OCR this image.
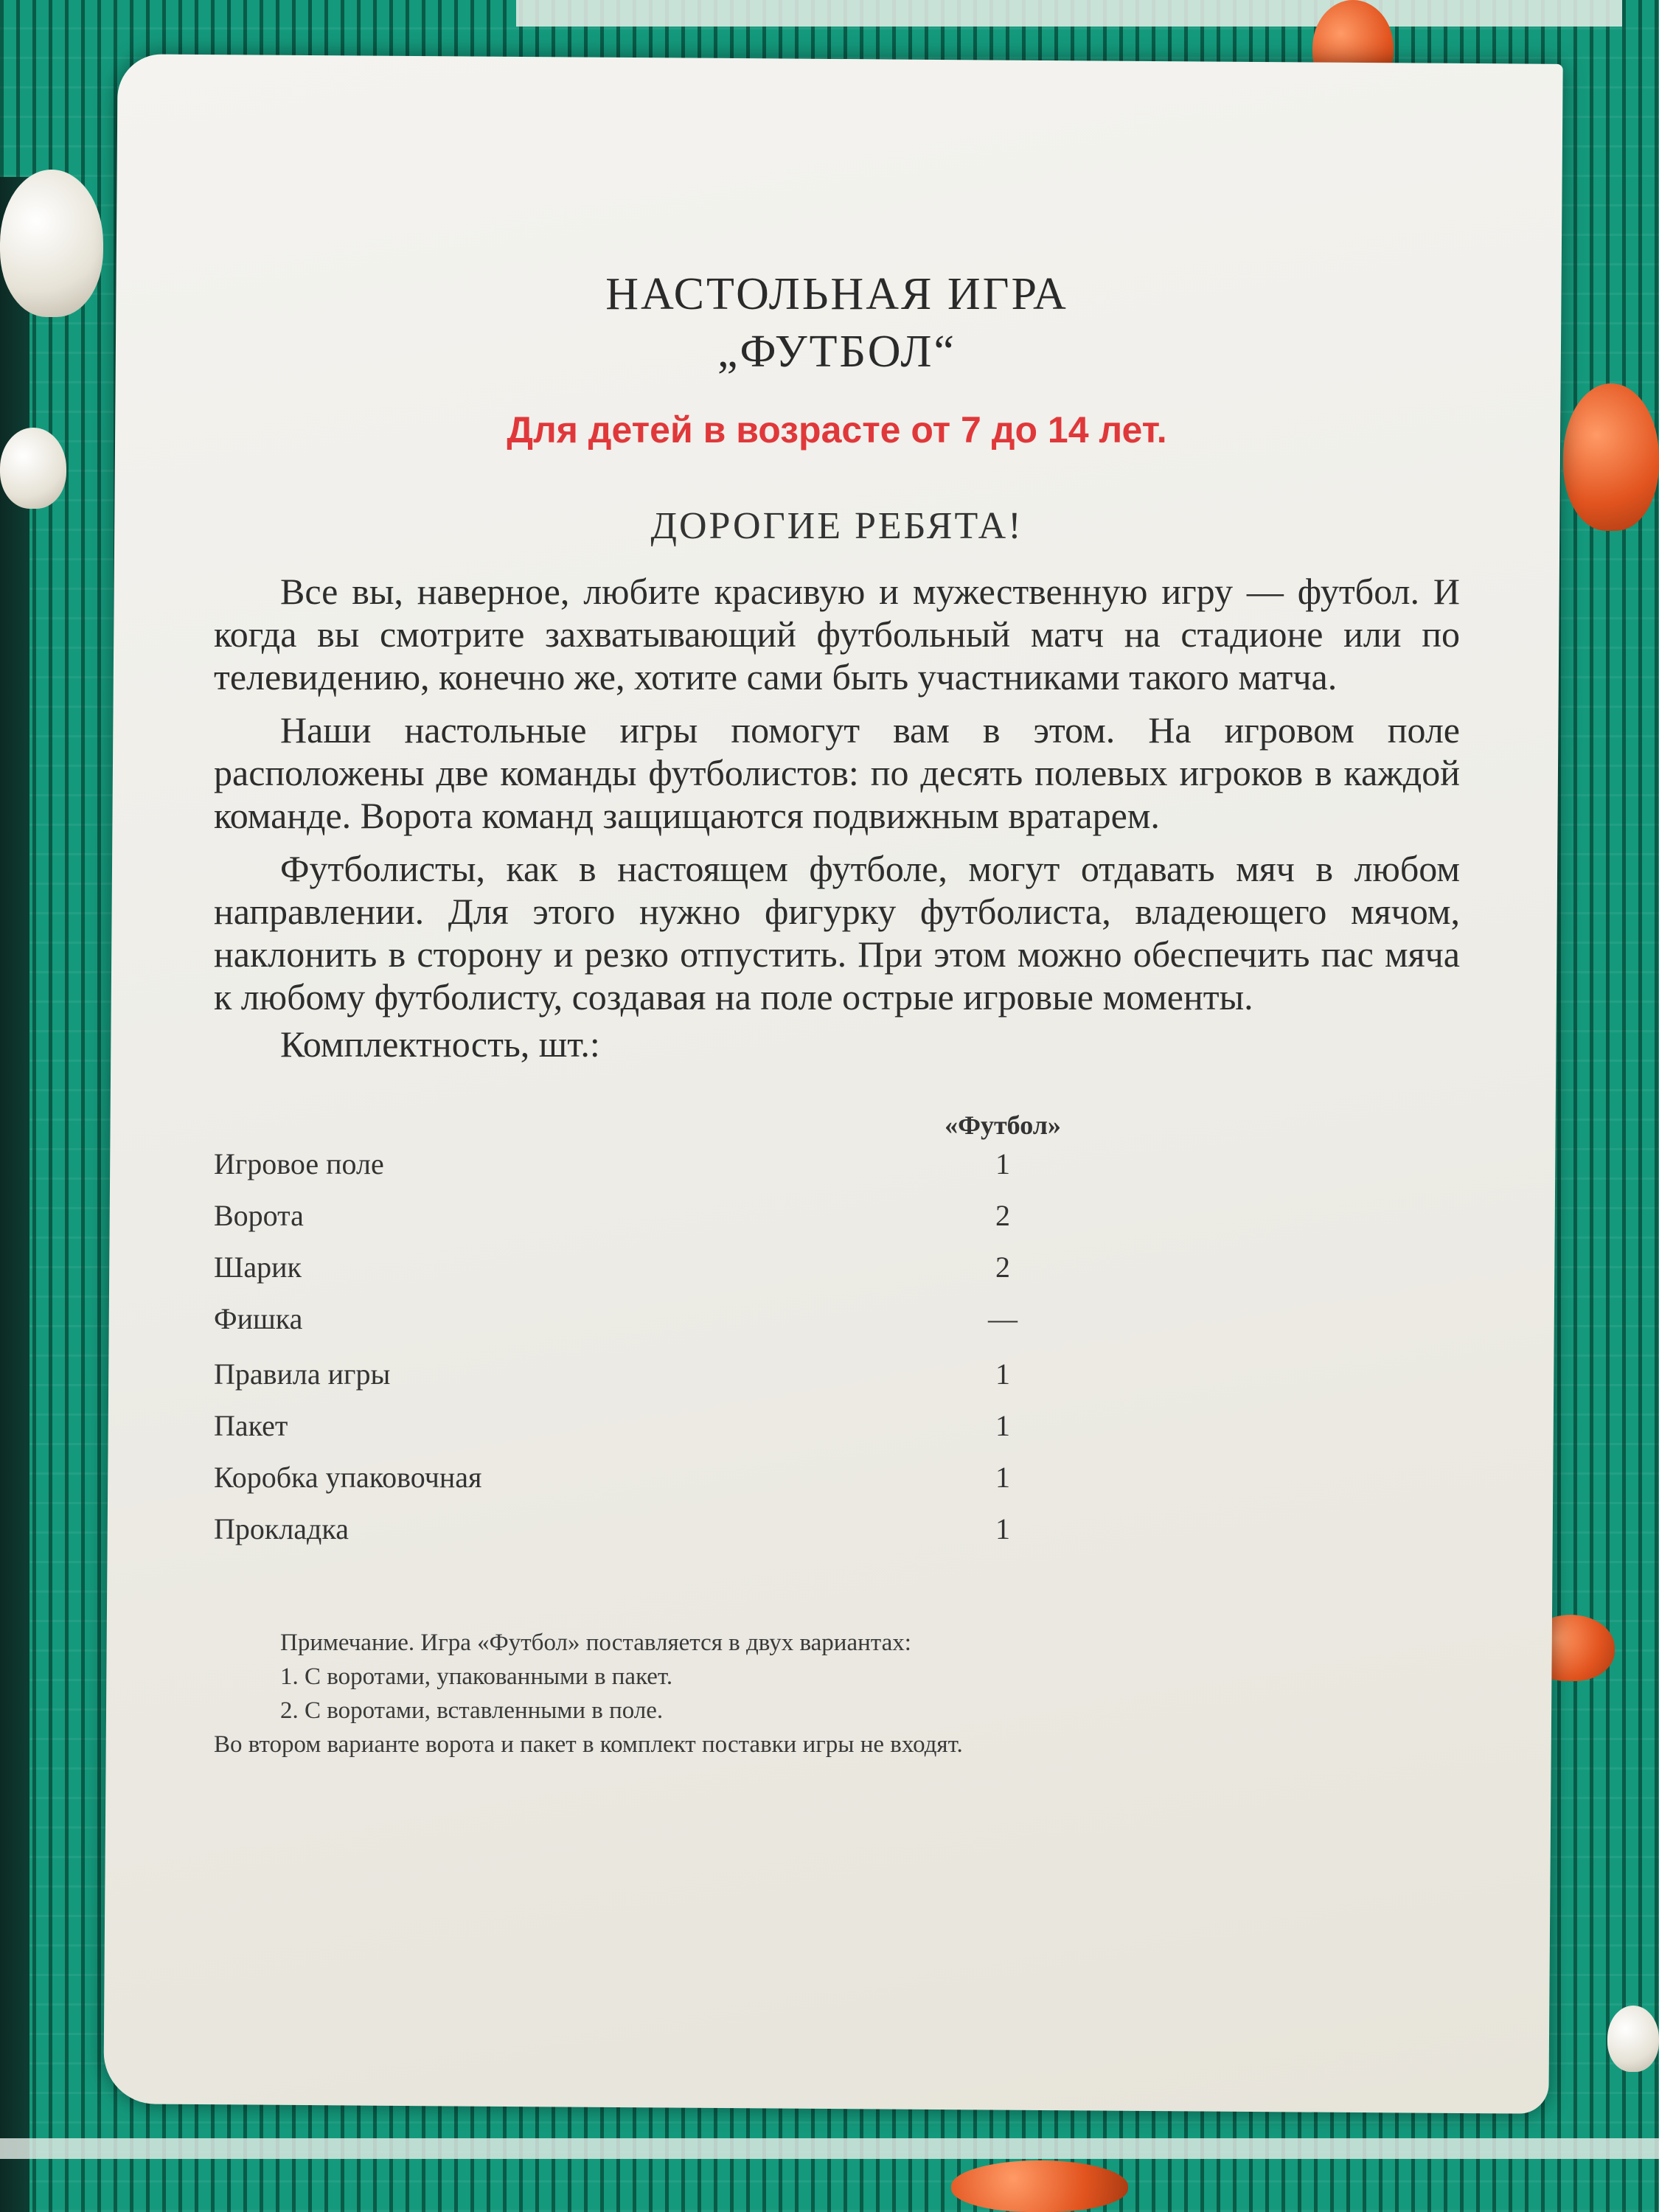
НАСТОЛЬНАЯ ИГРА
„ФУТБОЛ“
Для детей в возрасте от 7 до 14 лет.
ДОРОГИЕ РЕБЯТА!

Все вы, наверное, любите красивую и мужественную игру — футбол. И когда вы смотрите захватывающий футбольный матч на стадионе или по телевидению, конечно же, хотите сами быть участниками такого матча.

Наши настольные игры помогут вам в этом. На игровом поле расположены две команды футболистов: по десять полевых игроков в каждой команде. Ворота команд защищаются подвижным вратарем.

Футболисты, как в настоящем футболе, могут отдавать мяч в любом направлении. Для этого нужно фигурку футболиста, владеющего мячом, наклонить в сторону и резко отпустить. При этом можно обеспечить пас мяча к любому футболисту, создавая на поле острые игровые моменты.

Комплектность, шт.:
«Футбол»
Игровое поле	1
Ворота	2
Шарик	2
Фишка	—
Правила игры	1
Пакет	1
Коробка упаковочная	1
Прокладка	1
Примечание. Игра «Футбол» поставляется в двух вариантах:
1. С воротами, упакованными в пакет.
2. С воротами, вставленными в поле.
Во втором варианте ворота и пакет в комплект поставки игры не входят.
